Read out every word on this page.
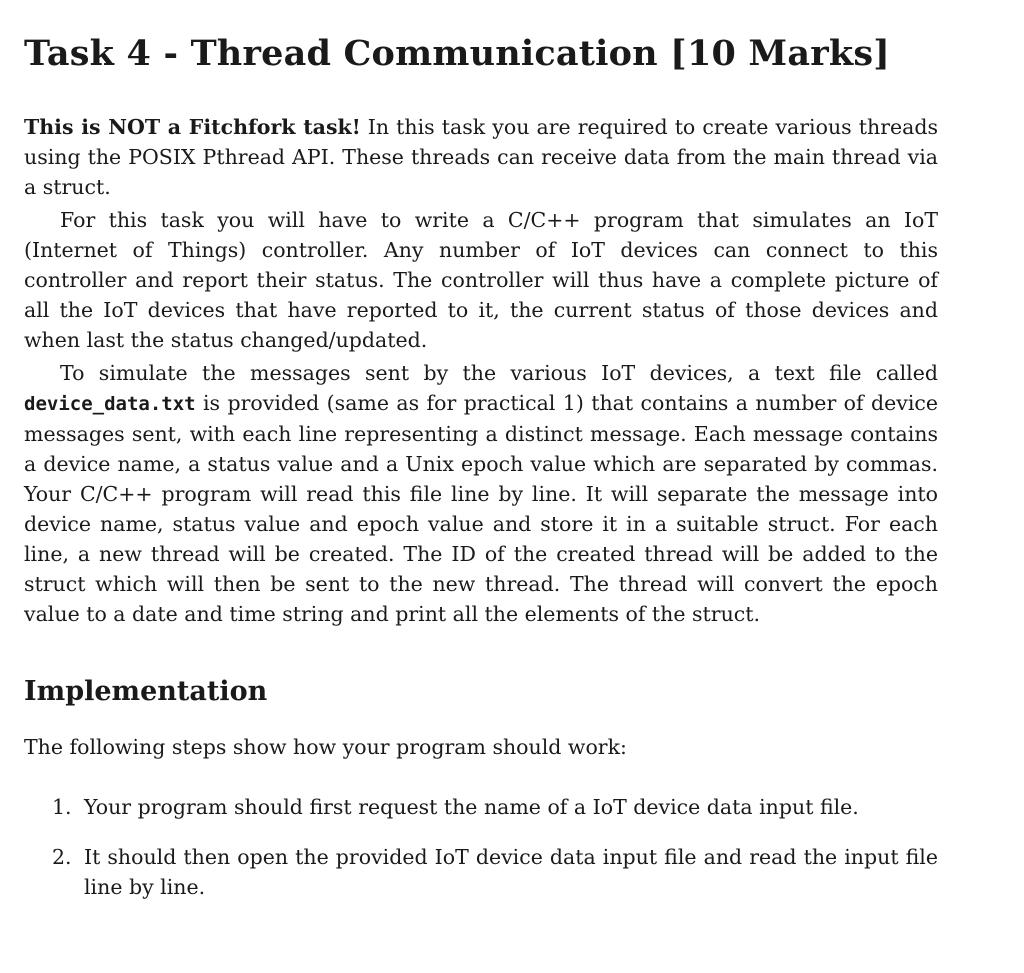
Task 4 - Thread Communication [10 Marks]

This is NOT a Fitchfork task! In this task you are required to create various threads using the POSIX Pthread API. These threads can receive data from the main thread via a struct.

For this task you will have to write a C/C++ program that simulates an IoT (Internet of Things) controller. Any number of IoT devices can connect to this controller and report their status. The controller will thus have a complete picture of all the IoT devices that have reported to it, the current status of those devices and when last the status changed/updated.

To simulate the messages sent by the various IoT devices, a text file called device_data.txt is provided (same as for practical 1) that contains a number of device messages sent, with each line representing a distinct message. Each message contains a device name, a status value and a Unix epoch value which are separated by commas. Your C/C++ program will read this file line by line. It will separate the message into device name, status value and epoch value and store it in a suitable struct. For each line, a new thread will be created. The ID of the created thread will be added to the struct which will then be sent to the new thread. The thread will convert the epoch value to a date and time string and print all the elements of the struct.

Implementation

The following steps show how your program should work:

1. Your program should first request the name of a IoT device data input file.
2. It should then open the provided IoT device data input file and read the input file line by line.
